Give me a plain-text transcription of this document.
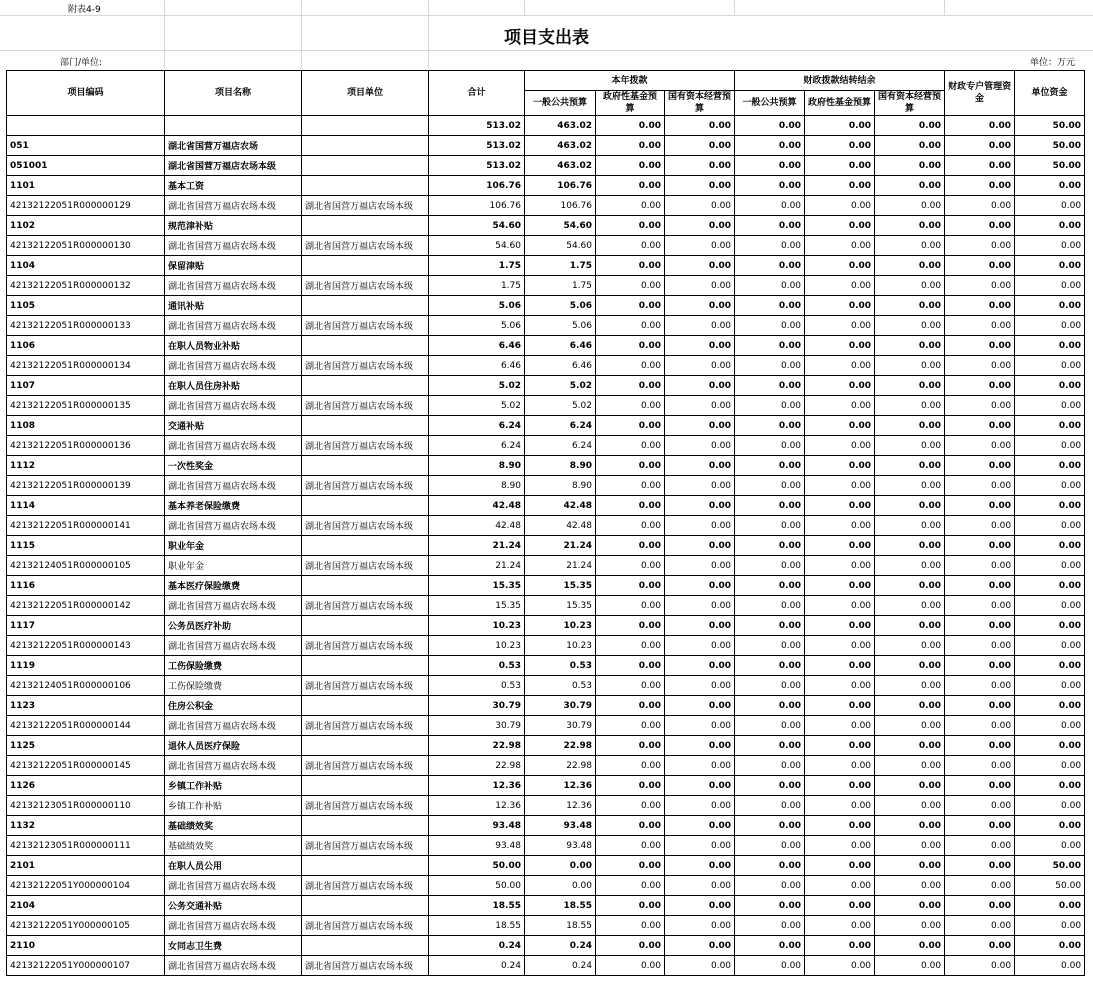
附表4-9
项目支出表
部门/单位:	单位：万元
项目编码	项目名称	项目单位	合计	本年拨款			财政拨款结转结余			财政专户管理资金	单位资金
				一般公共预算	政府性基金预算	国有资本经营预算	一般公共预算	政府性基金预算	国有资本经营预算		
			513.02	463.02	0.00	0.00	0.00	0.00	0.00	0.00	50.00
051	湖北省国营万福店农场		513.02	463.02	0.00	0.00	0.00	0.00	0.00	0.00	50.00
051001	湖北省国营万福店农场本级		513.02	463.02	0.00	0.00	0.00	0.00	0.00	0.00	50.00
1101	基本工资		106.76	106.76	0.00	0.00	0.00	0.00	0.00	0.00	0.00
42132122051R000000129	湖北省国营万福店农场本级	湖北省国营万福店农场本级	106.76	106.76	0.00	0.00	0.00	0.00	0.00	0.00	0.00
1102	规范津补贴		54.60	54.60	0.00	0.00	0.00	0.00	0.00	0.00	0.00
42132122051R000000130	湖北省国营万福店农场本级	湖北省国营万福店农场本级	54.60	54.60	0.00	0.00	0.00	0.00	0.00	0.00	0.00
1104	保留津贴		1.75	1.75	0.00	0.00	0.00	0.00	0.00	0.00	0.00
42132122051R000000132	湖北省国营万福店农场本级	湖北省国营万福店农场本级	1.75	1.75	0.00	0.00	0.00	0.00	0.00	0.00	0.00
1105	通讯补贴		5.06	5.06	0.00	0.00	0.00	0.00	0.00	0.00	0.00
42132122051R000000133	湖北省国营万福店农场本级	湖北省国营万福店农场本级	5.06	5.06	0.00	0.00	0.00	0.00	0.00	0.00	0.00
1106	在职人员物业补贴		6.46	6.46	0.00	0.00	0.00	0.00	0.00	0.00	0.00
42132122051R000000134	湖北省国营万福店农场本级	湖北省国营万福店农场本级	6.46	6.46	0.00	0.00	0.00	0.00	0.00	0.00	0.00
1107	在职人员住房补贴		5.02	5.02	0.00	0.00	0.00	0.00	0.00	0.00	0.00
42132122051R000000135	湖北省国营万福店农场本级	湖北省国营万福店农场本级	5.02	5.02	0.00	0.00	0.00	0.00	0.00	0.00	0.00
1108	交通补贴		6.24	6.24	0.00	0.00	0.00	0.00	0.00	0.00	0.00
42132122051R000000136	湖北省国营万福店农场本级	湖北省国营万福店农场本级	6.24	6.24	0.00	0.00	0.00	0.00	0.00	0.00	0.00
1112	一次性奖金		8.90	8.90	0.00	0.00	0.00	0.00	0.00	0.00	0.00
42132122051R000000139	湖北省国营万福店农场本级	湖北省国营万福店农场本级	8.90	8.90	0.00	0.00	0.00	0.00	0.00	0.00	0.00
1114	基本养老保险缴费		42.48	42.48	0.00	0.00	0.00	0.00	0.00	0.00	0.00
42132122051R000000141	湖北省国营万福店农场本级	湖北省国营万福店农场本级	42.48	42.48	0.00	0.00	0.00	0.00	0.00	0.00	0.00
1115	职业年金		21.24	21.24	0.00	0.00	0.00	0.00	0.00	0.00	0.00
42132124051R000000105	职业年金	湖北省国营万福店农场本级	21.24	21.24	0.00	0.00	0.00	0.00	0.00	0.00	0.00
1116	基本医疗保险缴费		15.35	15.35	0.00	0.00	0.00	0.00	0.00	0.00	0.00
42132122051R000000142	湖北省国营万福店农场本级	湖北省国营万福店农场本级	15.35	15.35	0.00	0.00	0.00	0.00	0.00	0.00	0.00
1117	公务员医疗补助		10.23	10.23	0.00	0.00	0.00	0.00	0.00	0.00	0.00
42132122051R000000143	湖北省国营万福店农场本级	湖北省国营万福店农场本级	10.23	10.23	0.00	0.00	0.00	0.00	0.00	0.00	0.00
1119	工伤保险缴费		0.53	0.53	0.00	0.00	0.00	0.00	0.00	0.00	0.00
42132124051R000000106	工伤保险缴费	湖北省国营万福店农场本级	0.53	0.53	0.00	0.00	0.00	0.00	0.00	0.00	0.00
1123	住房公积金		30.79	30.79	0.00	0.00	0.00	0.00	0.00	0.00	0.00
42132122051R000000144	湖北省国营万福店农场本级	湖北省国营万福店农场本级	30.79	30.79	0.00	0.00	0.00	0.00	0.00	0.00	0.00
1125	退休人员医疗保险		22.98	22.98	0.00	0.00	0.00	0.00	0.00	0.00	0.00
42132122051R000000145	湖北省国营万福店农场本级	湖北省国营万福店农场本级	22.98	22.98	0.00	0.00	0.00	0.00	0.00	0.00	0.00
1126	乡镇工作补贴		12.36	12.36	0.00	0.00	0.00	0.00	0.00	0.00	0.00
42132123051R000000110	乡镇工作补贴	湖北省国营万福店农场本级	12.36	12.36	0.00	0.00	0.00	0.00	0.00	0.00	0.00
1132	基础绩效奖		93.48	93.48	0.00	0.00	0.00	0.00	0.00	0.00	0.00
42132123051R000000111	基础绩效奖	湖北省国营万福店农场本级	93.48	93.48	0.00	0.00	0.00	0.00	0.00	0.00	0.00
2101	在职人员公用		50.00	0.00	0.00	0.00	0.00	0.00	0.00	0.00	50.00
42132122051Y000000104	湖北省国营万福店农场本级	湖北省国营万福店农场本级	50.00	0.00	0.00	0.00	0.00	0.00	0.00	0.00	50.00
2104	公务交通补贴		18.55	18.55	0.00	0.00	0.00	0.00	0.00	0.00	0.00
42132122051Y000000105	湖北省国营万福店农场本级	湖北省国营万福店农场本级	18.55	18.55	0.00	0.00	0.00	0.00	0.00	0.00	0.00
2110	女同志卫生费		0.24	0.24	0.00	0.00	0.00	0.00	0.00	0.00	0.00
42132122051Y000000107	湖北省国营万福店农场本级	湖北省国营万福店农场本级	0.24	0.24	0.00	0.00	0.00	0.00	0.00	0.00	0.00
